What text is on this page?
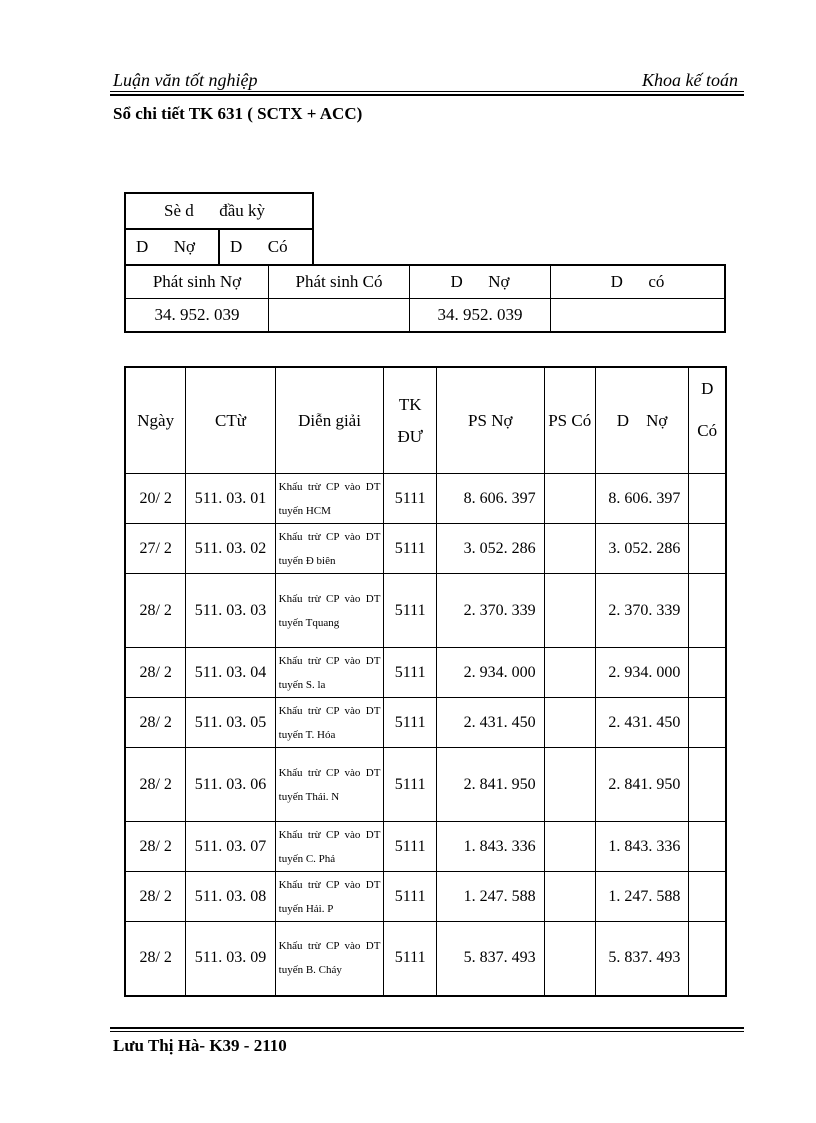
Luận văn tốt nghiệp	Khoa kế toán
Sổ chi tiết TK 631 ( SCTX + ACC)
Sè d      đầu kỳ
D      Nợ	D      Có
Phát sinh Nợ	Phát sinh Có	D      Nợ	D      có
34. 952. 039		34. 952. 039	
Ngày	CTừ	Diễn giải	TK ĐƯ	PS Nợ	PS Có	D    Nợ	D
Có

20/ 2	511. 03. 01	Khấu trừ CP vào DT tuyến HCM	5111	8. 606. 397		8. 606. 397	
27/ 2	511. 03. 02	Khấu trừ CP vào DT tuyến Đ biên	5111	3. 052. 286		3. 052. 286	
28/ 2	511. 03. 03	Khấu trừ CP vào DT tuyến Tquang	5111	2. 370. 339		2. 370. 339	
28/ 2	511. 03. 04	Khấu trừ CP vào DT tuyến S. la	5111	2. 934. 000		2. 934. 000	
28/ 2	511. 03. 05	Khấu trừ CP vào DT tuyến T. Hóa	5111	2. 431. 450		2. 431. 450	
28/ 2	511. 03. 06	Khấu trừ CP vào DT tuyến Thái. N	5111	2. 841. 950		2. 841. 950	
28/ 2	511. 03. 07	Khấu trừ CP vào DT tuyến C. Phả	5111	1. 843. 336		1. 843. 336	
28/ 2	511. 03. 08	Khấu trừ CP vào DT tuyến Hải. P	5111	1. 247. 588		1. 247. 588	
28/ 2	511. 03. 09	Khấu trừ CP vào DT tuyến B. Cháy	5111	5. 837. 493		5. 837. 493	
Lưu Thị Hà- K39 - 2110
